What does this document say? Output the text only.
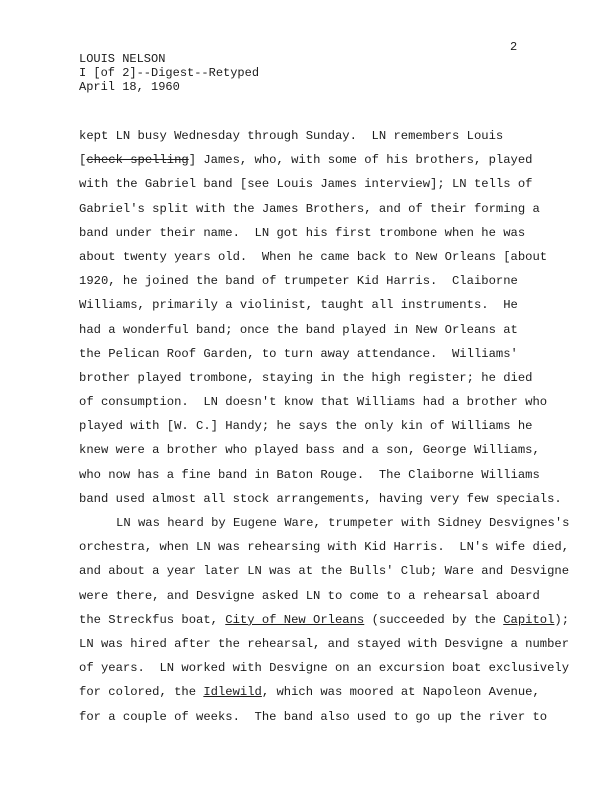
2
LOUIS NELSON
I [of 2]--Digest--Retyped
April 18, 1960
kept LN busy Wednesday through Sunday.  LN remembers Louis
[check spelling] James, who, with some of his brothers, played
with the Gabriel band [see Louis James interview]; LN tells of
Gabriel's split with the James Brothers, and of their forming a
band under their name.  LN got his first trombone when he was
about twenty years old.  When he came back to New Orleans [about
1920, he joined the band of trumpeter Kid Harris.  Claiborne
Williams, primarily a violinist, taught all instruments.  He
had a wonderful band; once the band played in New Orleans at
the Pelican Roof Garden, to turn away attendance.  Williams'
brother played trombone, staying in the high register; he died
of consumption.  LN doesn't know that Williams had a brother who
played with [W. C.] Handy; he says the only kin of Williams he
knew were a brother who played bass and a son, George Williams,
who now has a fine band in Baton Rouge.  The Claiborne Williams
band used almost all stock arrangements, having very few specials.
LN was heard by Eugene Ware, trumpeter with Sidney Desvignes's
orchestra, when LN was rehearsing with Kid Harris.  LN's wife died,
and about a year later LN was at the Bulls' Club; Ware and Desvigne
were there, and Desvigne asked LN to come to a rehearsal aboard
the Streckfus boat, City of New Orleans (succeeded by the Capitol);
LN was hired after the rehearsal, and stayed with Desvigne a number
of years.  LN worked with Desvigne on an excursion boat exclusively
for colored, the Idlewild, which was moored at Napoleon Avenue,
for a couple of weeks.  The band also used to go up the river to
